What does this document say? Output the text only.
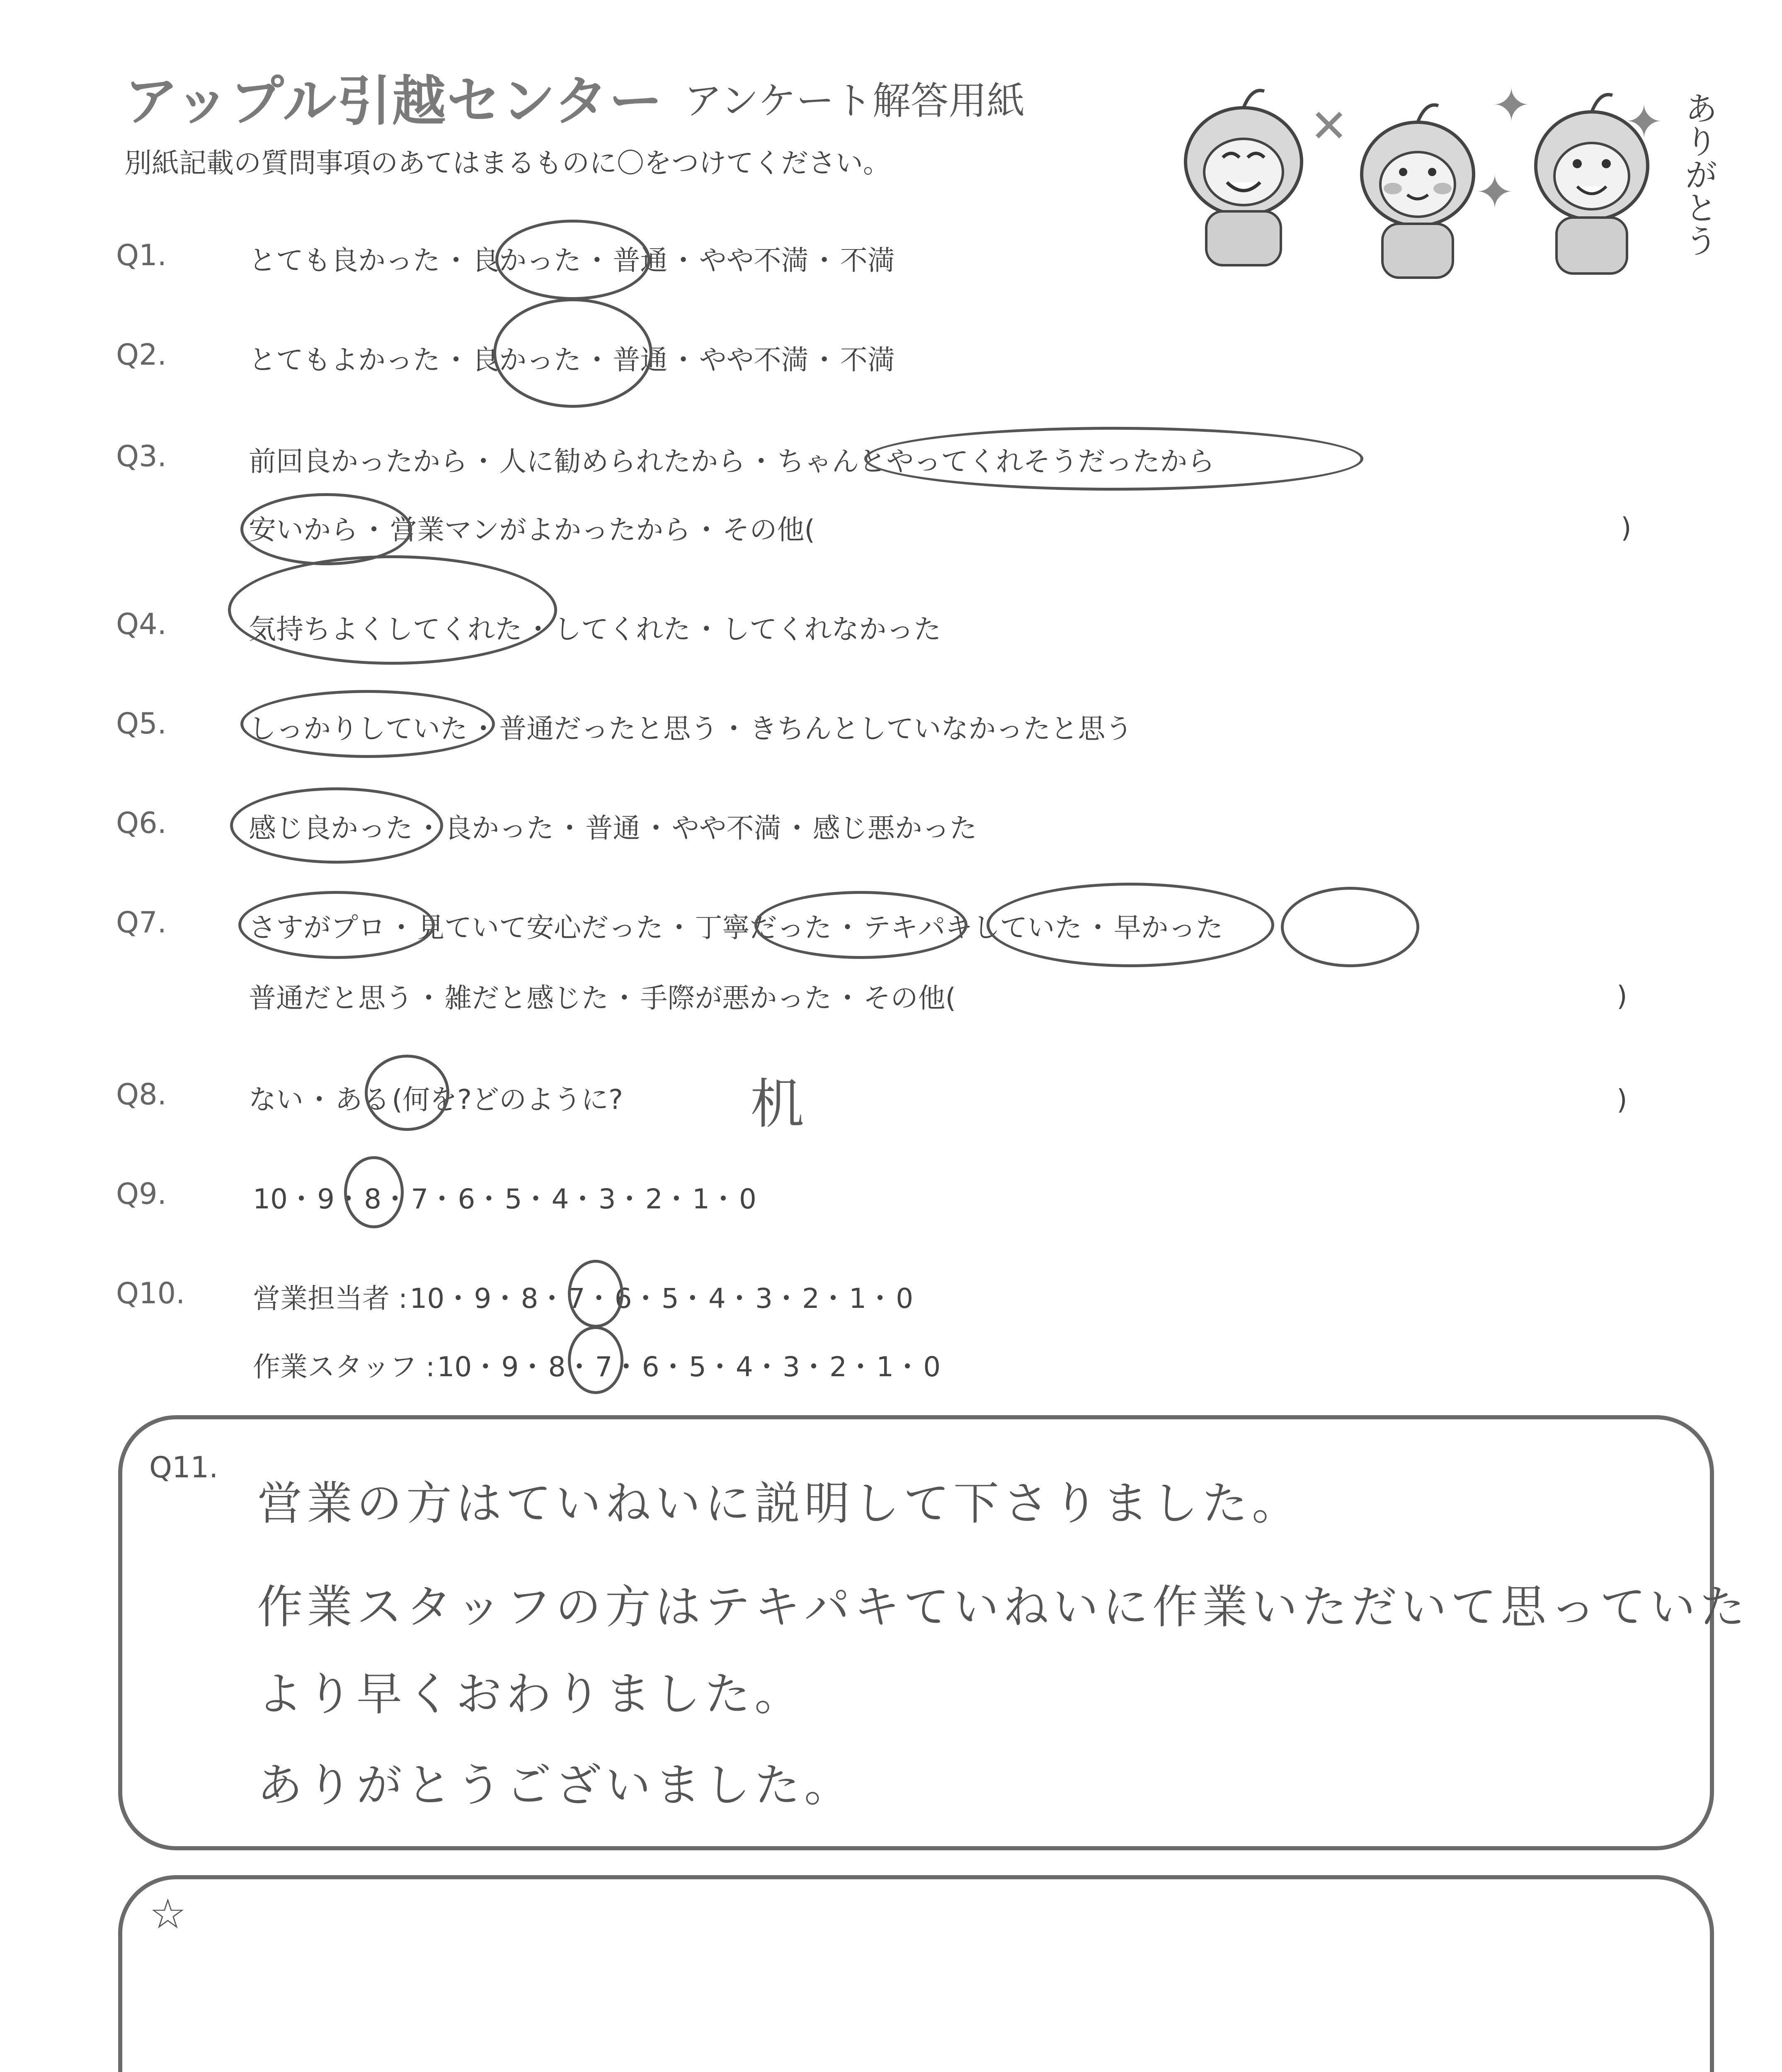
アップル引越センター アンケート解答用紙
別紙記載の質問事項のあてはまるものに〇をつけてください。
✕	✦
✦
✦ ありがとう
Q1.	とても良かった ・ 良かった ・ 普通 ・ やや不満 ・ 不満
Q2.	とてもよかった ・ 良かった ・ 普通 ・ やや不満 ・ 不満
Q3.	前回良かったから ・ 人に勧められたから ・ ちゃんとやってくれそうだったから
安いから ・ 営業マンがよかったから ・ その他(	)
Q4.	気持ちよくしてくれた ・ してくれた ・ してくれなかった
Q5.	しっかりしていた ・ 普通だったと思う ・ きちんとしていなかったと思う
Q6.	感じ良かった ・ 良かった ・ 普通 ・ やや不満 ・ 感じ悪かった
Q7.	さすがプロ ・ 見ていて安心だった ・ 丁寧だった ・ テキパキしていた ・ 早かった
普通だと思う ・ 雑だと感じた ・ 手際が悪かった ・ その他(	)
Q8.	ない ・ ある (何を?どのように? 机	)
Q9.	10・ 9・ 8・ 7・ 6・ 5・ 4・ 3・ 2・ 1・ 0
Q10. 営業担当者 : 10・ 9・ 8・ 7・ 6・ 5・ 4・ 3・ 2・ 1・ 0
作業スタッフ : 10・ 9・ 8・ 7・ 6・ 5・ 4・ 3・ 2・ 1・ 0
Q11.
営業の方はていねいに説明して下さりました。
作業スタッフの方はテキパキていねいに作業いただいて思っていた
より早くおわりました。
ありがとうございました。
☆
